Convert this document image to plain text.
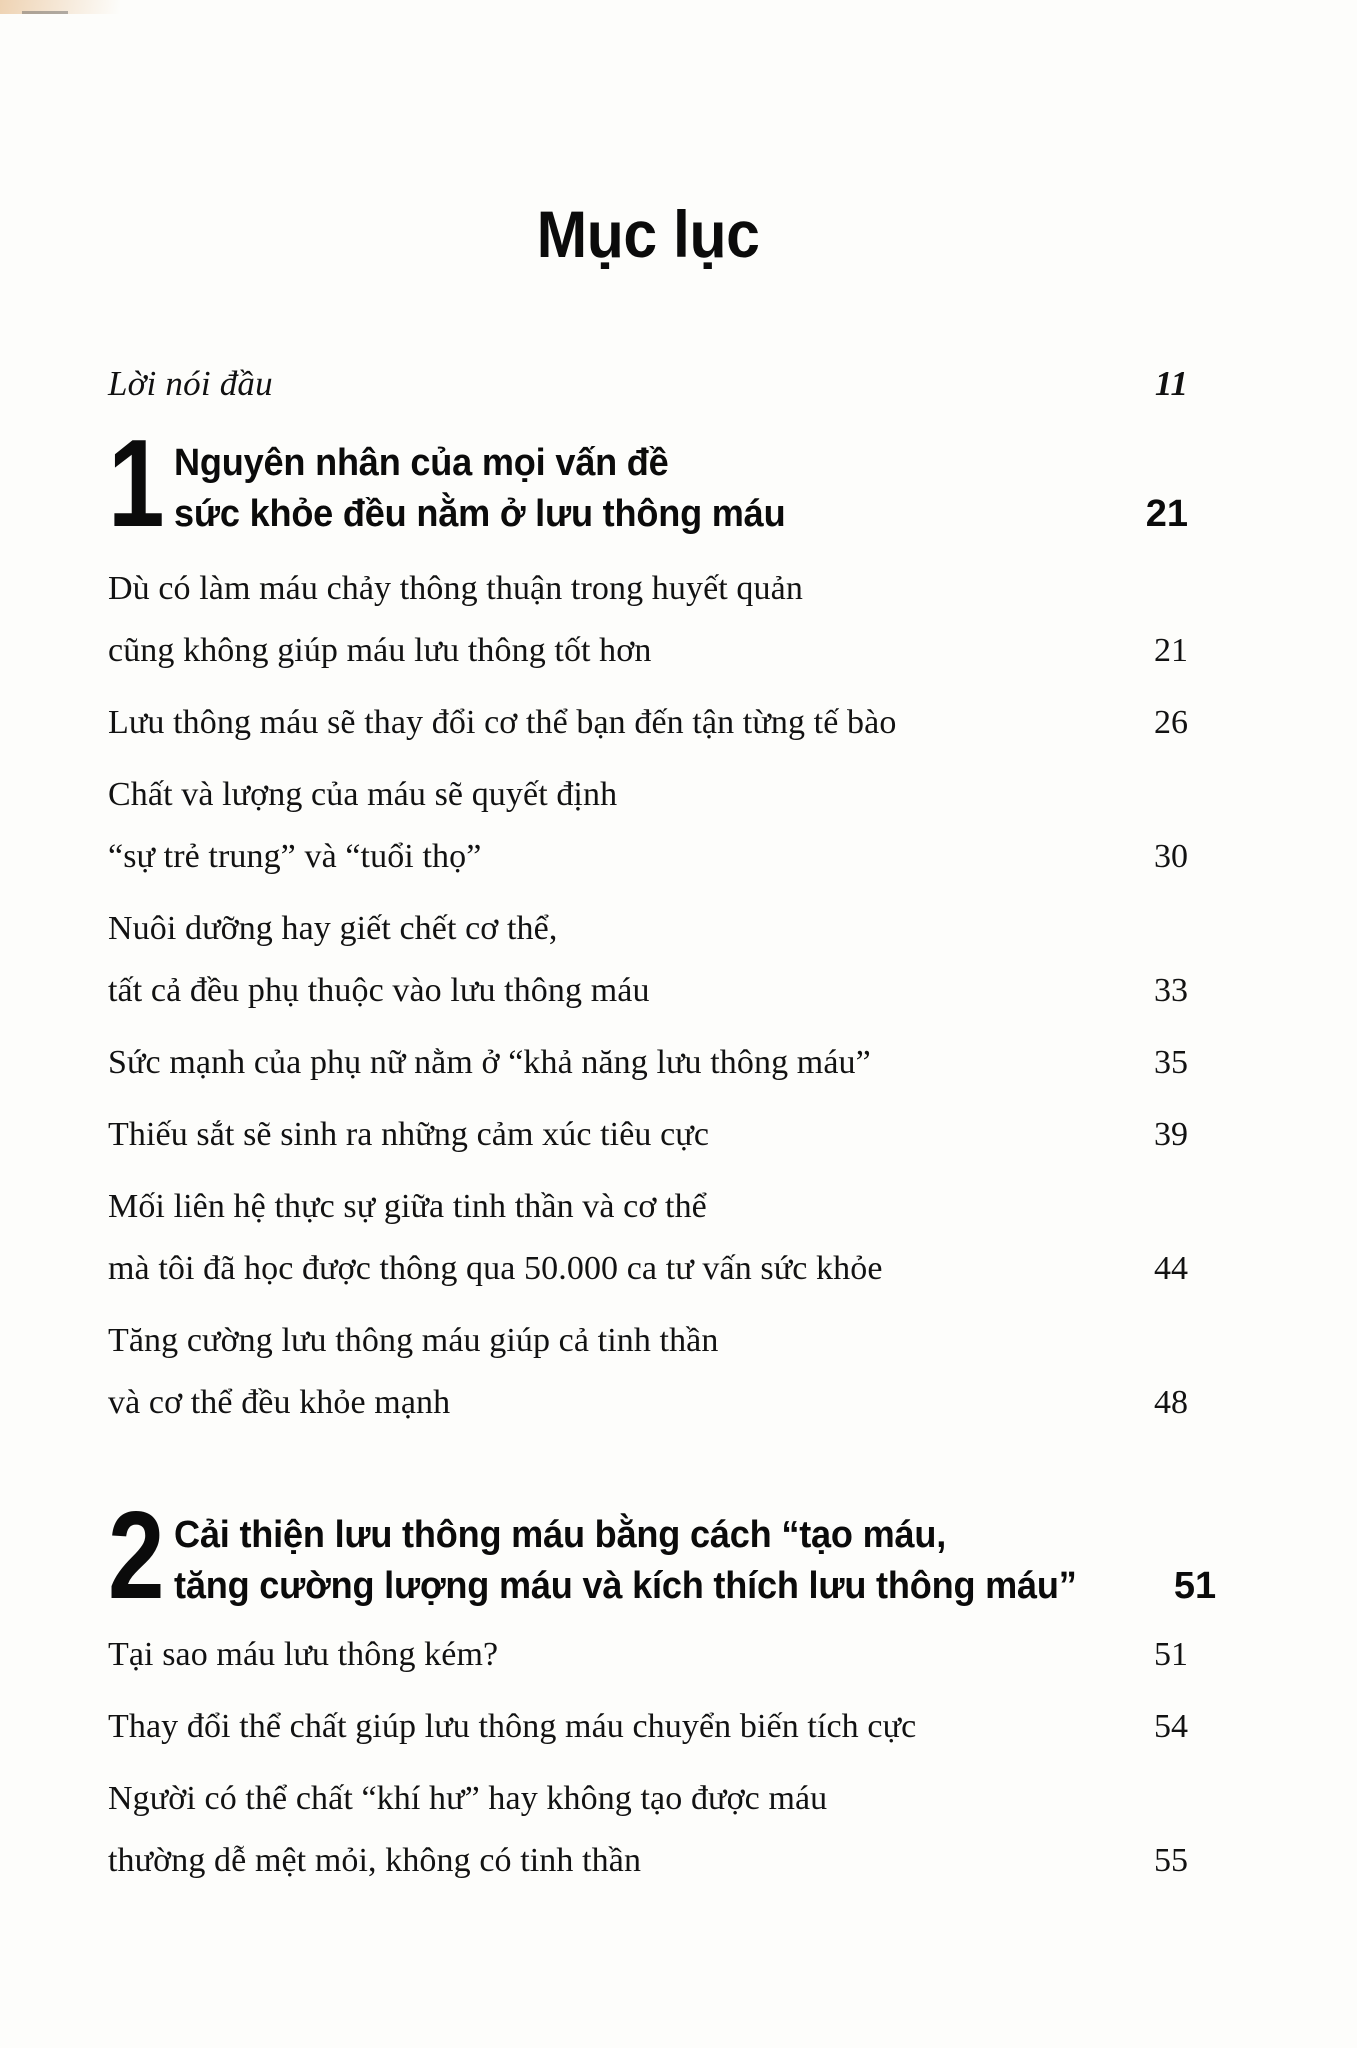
Mục lục
Lời nói đầu	11
1 Nguyên nhân của mọi vấn đề
sức khỏe đều nằm ở lưu thông máu	21
Dù có làm máu chảy thông thuận trong huyết quản
cũng không giúp máu lưu thông tốt hơn	21
Lưu thông máu sẽ thay đổi cơ thể bạn đến tận từng tế bào	26
Chất và lượng của máu sẽ quyết định
“sự trẻ trung” và “tuổi thọ”	30
Nuôi dưỡng hay giết chết cơ thể,
tất cả đều phụ thuộc vào lưu thông máu	33
Sức mạnh của phụ nữ nằm ở “khả năng lưu thông máu”	35
Thiếu sắt sẽ sinh ra những cảm xúc tiêu cực	39
Mối liên hệ thực sự giữa tinh thần và cơ thể
mà tôi đã học được thông qua 50.000 ca tư vấn sức khỏe	44
Tăng cường lưu thông máu giúp cả tinh thần
và cơ thể đều khỏe mạnh	48
2 Cải thiện lưu thông máu bằng cách “tạo máu,
tăng cường lượng máu và kích thích lưu thông máu”	51
Tại sao máu lưu thông kém?	51
Thay đổi thể chất giúp lưu thông máu chuyển biến tích cực	54
Người có thể chất “khí hư” hay không tạo được máu
thường dễ mệt mỏi, không có tinh thần	55
